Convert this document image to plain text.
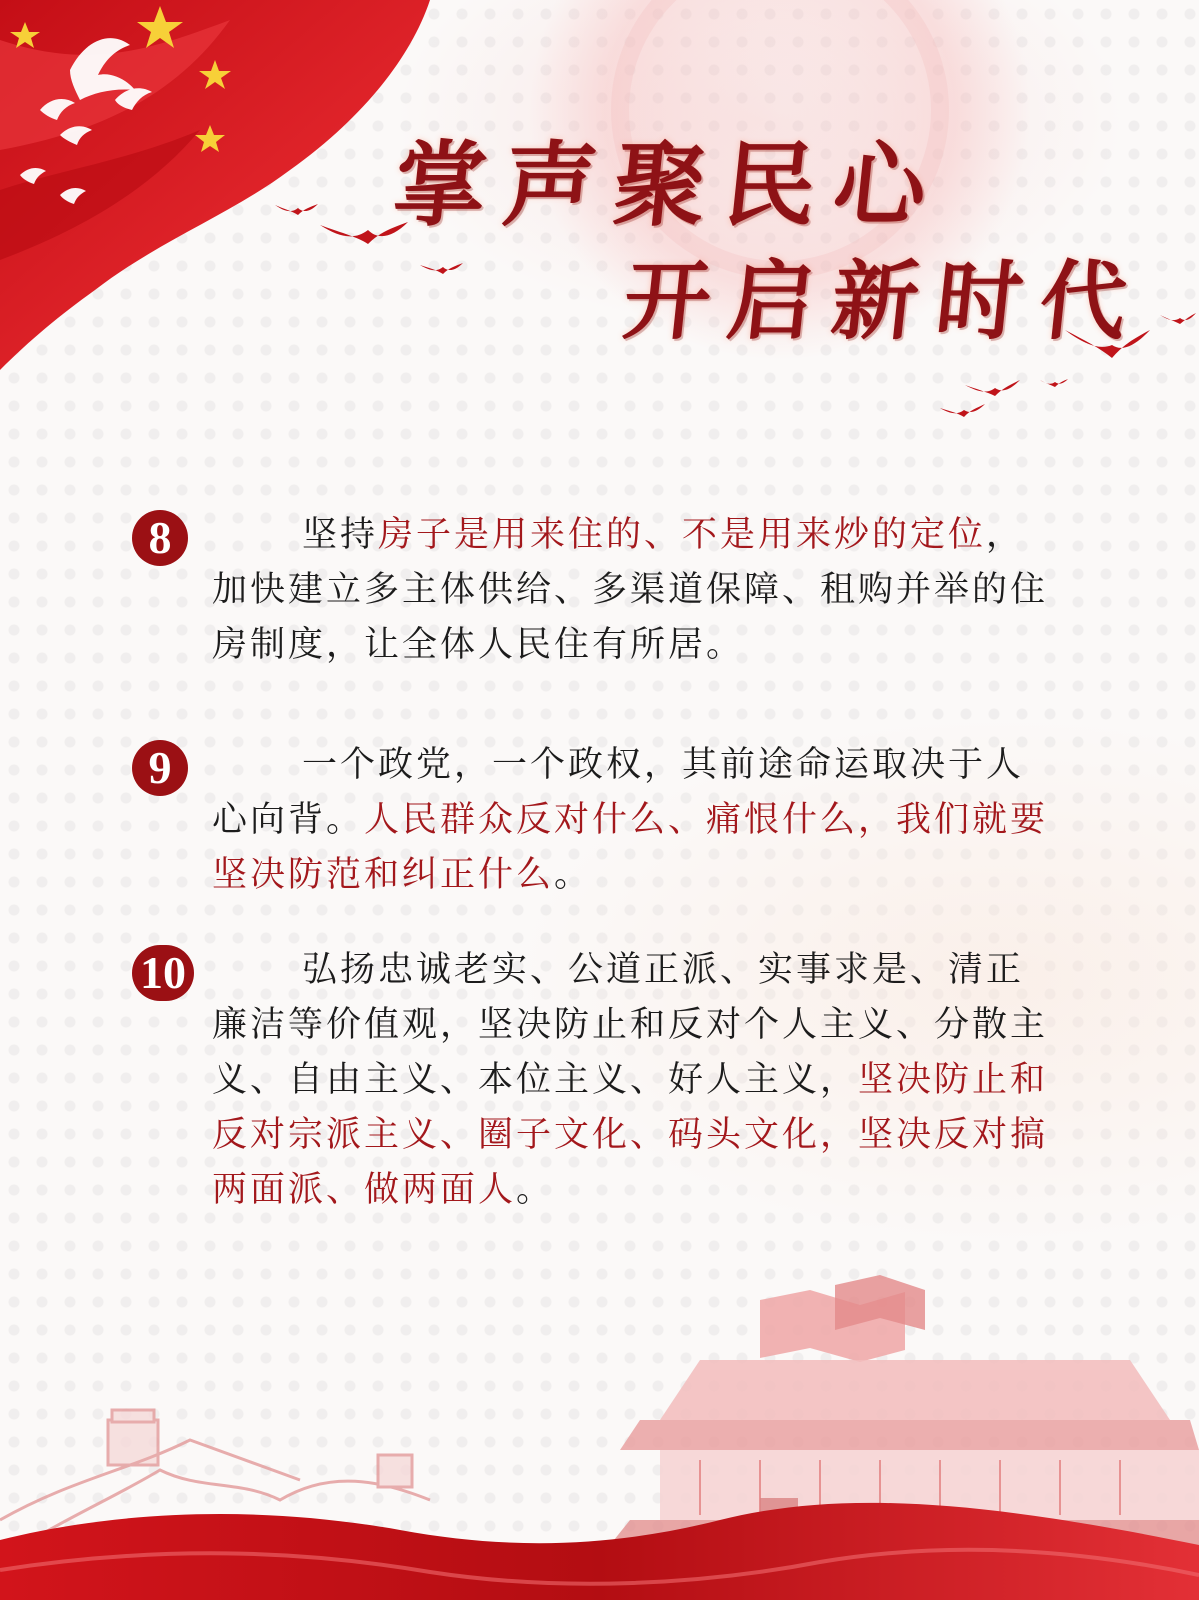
掌声聚民心
开启新时代
8	坚持房子是用来住的、不是用来炒的定位，加快建立多主体供给、多渠道保障、租购并举的住房制度，让全体人民住有所居。

9	一个政党，一个政权，其前途命运取决于人心向背。人民群众反对什么、痛恨什么，我们就要坚决防范和纠正什么。

10	弘扬忠诚老实、公道正派、实事求是、清正廉洁等价值观，坚决防止和反对个人主义、分散主义、自由主义、本位主义、好人主义，坚决防止和反对宗派主义、圈子文化、码头文化，坚决反对搞两面派、做两面人。
